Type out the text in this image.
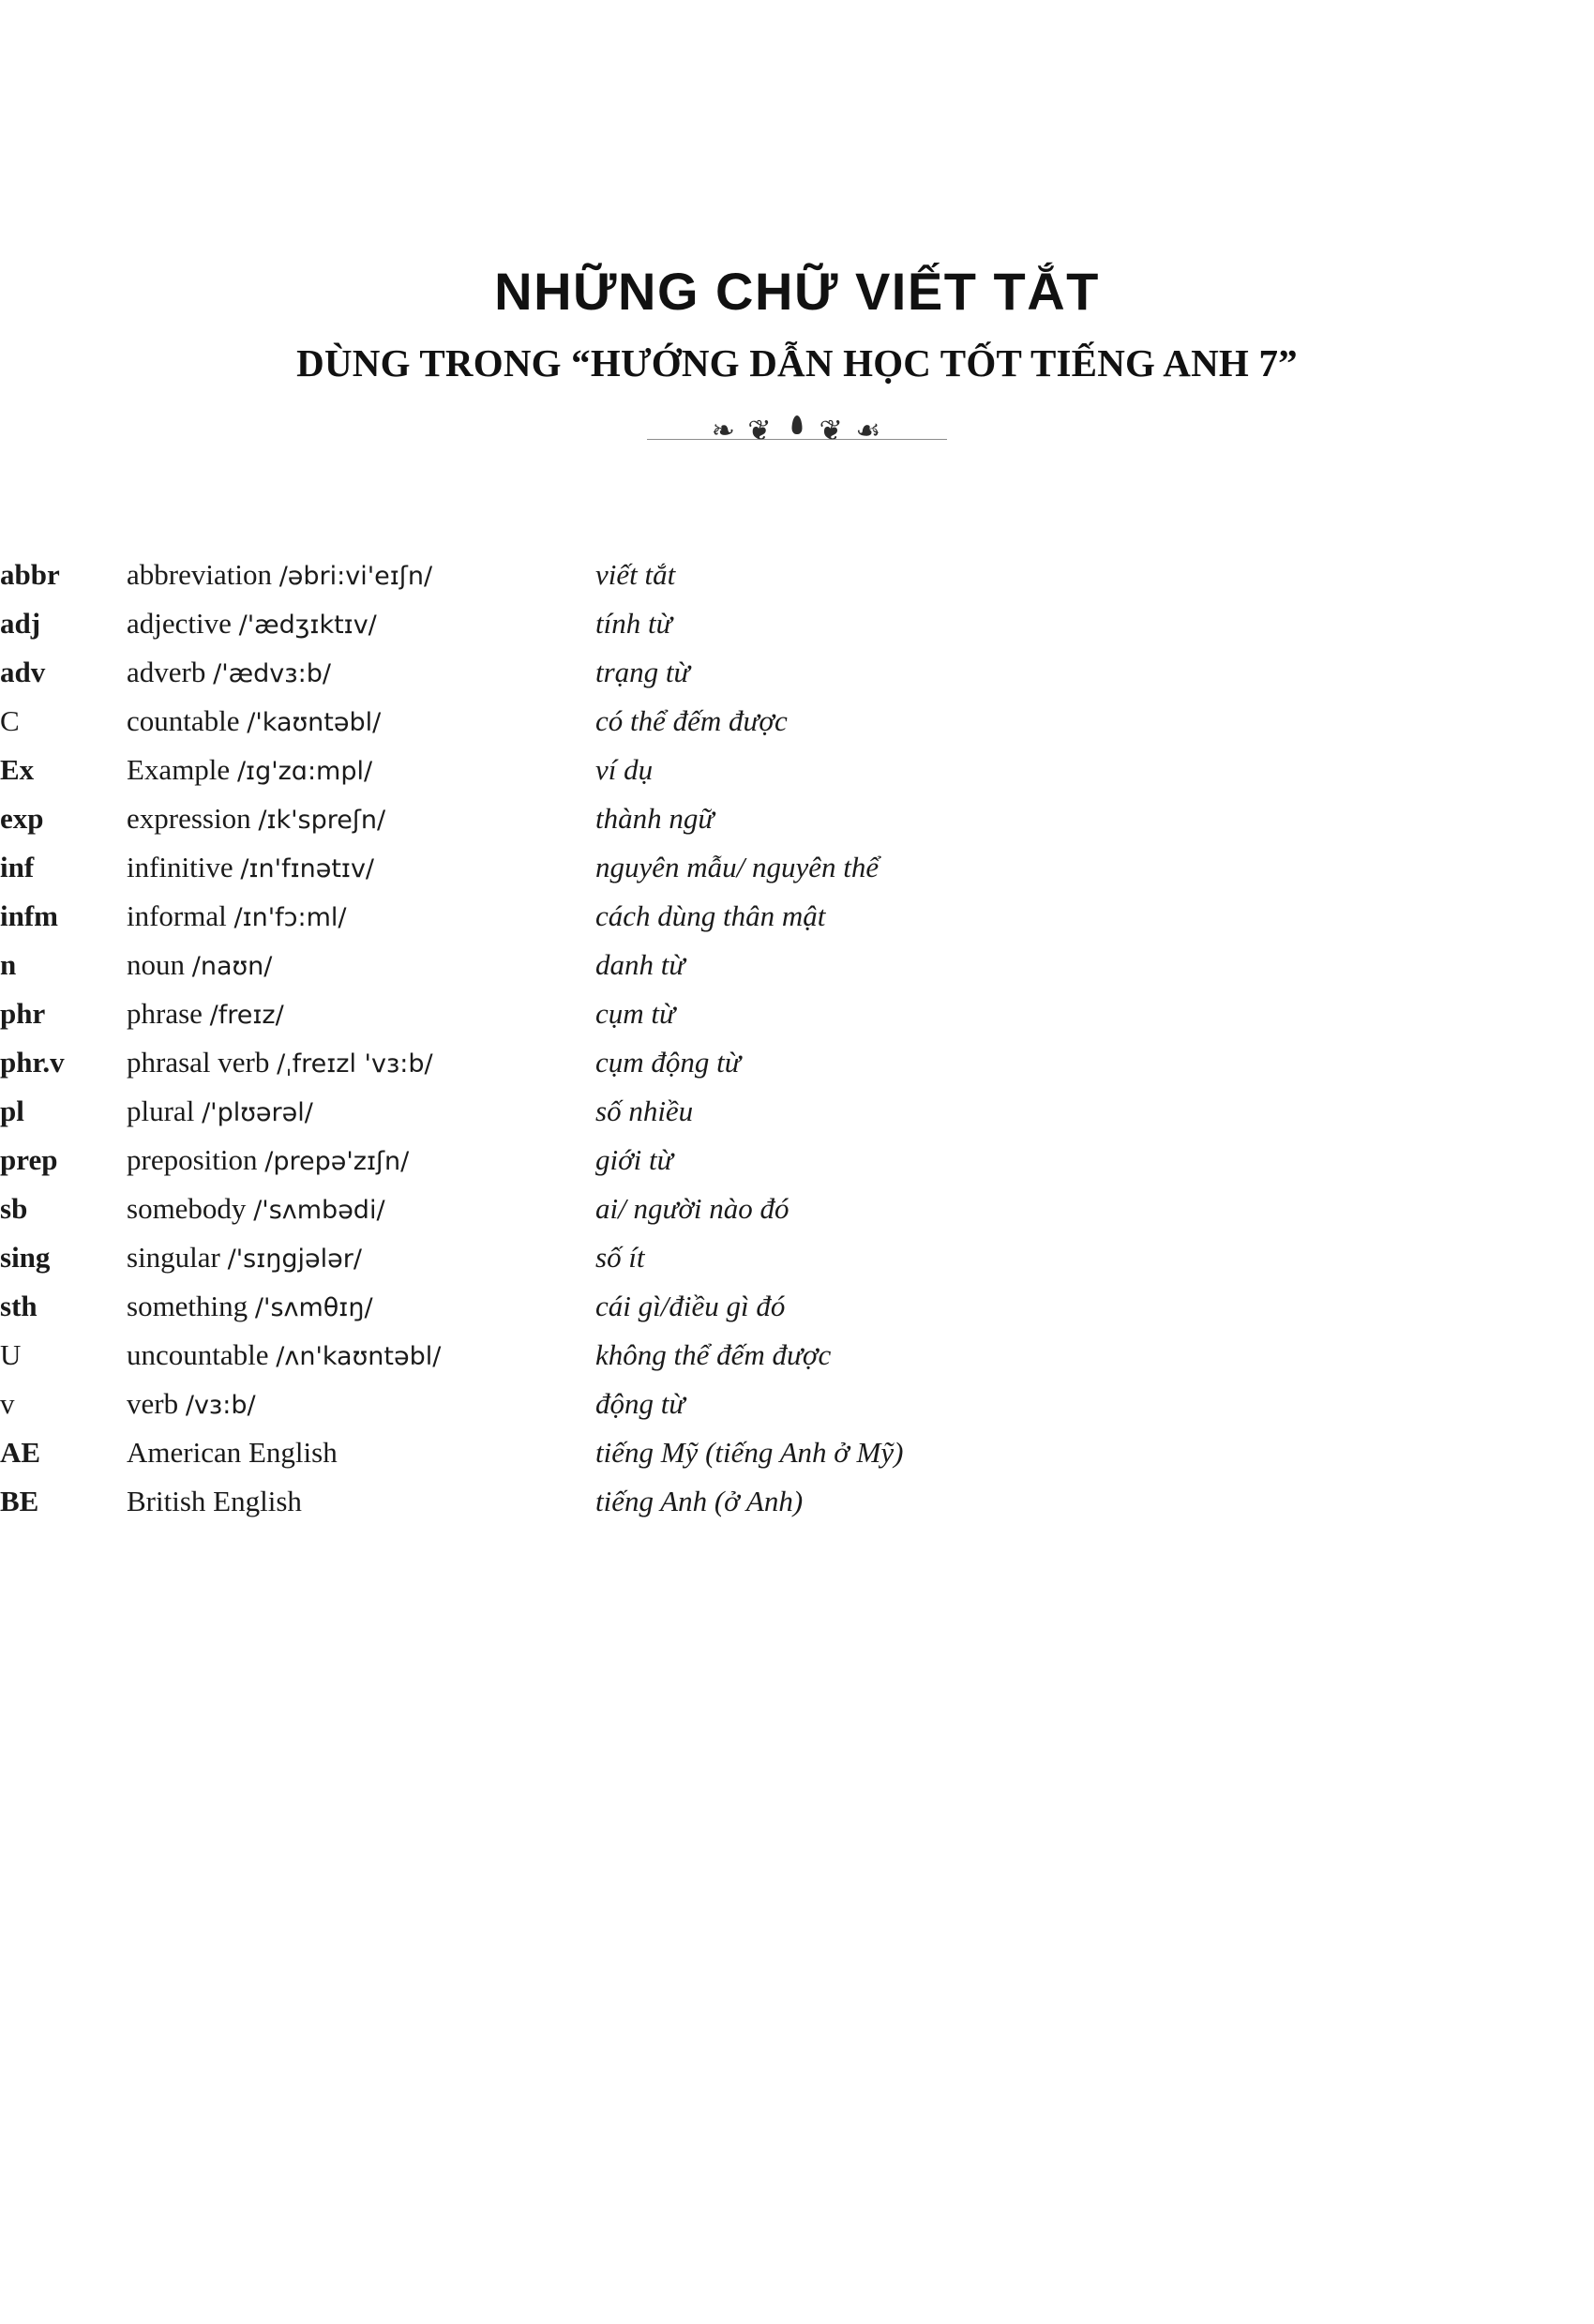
NHỮNG CHỮ VIẾT TẮT
DÙNG TRONG “HƯỚNG DẪN HỌC TỐT TIẾNG ANH 7”
❧ ❦ ❦ ☙
abbr	abbreviation /əbri:vi'eɪʃn/	viết tắt
adj	adjective /'ædʒɪktɪv/	tính từ
adv	adverb /'ædvɜ:b/	trạng từ
C	countable /'kaʊntəbl/	có thể đếm được
Ex	Example /ɪg'zɑ:mpl/	ví dụ
exp	expression /ɪk'spreʃn/	thành ngữ
inf	infinitive /ɪn'fɪnətɪv/	nguyên mẫu/ nguyên thể
infm	informal /ɪn'fɔ:ml/	cách dùng thân mật
n	noun /naʊn/	danh từ
phr	phrase /freɪz/	cụm từ
phr.v	phrasal verb /ˌfreɪzl 'vɜ:b/	cụm động từ
pl	plural /'plʊərəl/	số nhiều
prep	preposition /prepə'zɪʃn/	giới từ
sb	somebody /'sʌmbədi/	ai/ người nào đó
sing	singular /'sɪŋgjələr/	số ít
sth	something /'sʌmθɪŋ/	cái gì/điều gì đó
U	uncountable /ʌn'kaʊntəbl/	không thể đếm được
v	verb /vɜ:b/	động từ
AE	American English	tiếng Mỹ (tiếng Anh ở Mỹ)
BE	British English	tiếng Anh (ở Anh)
